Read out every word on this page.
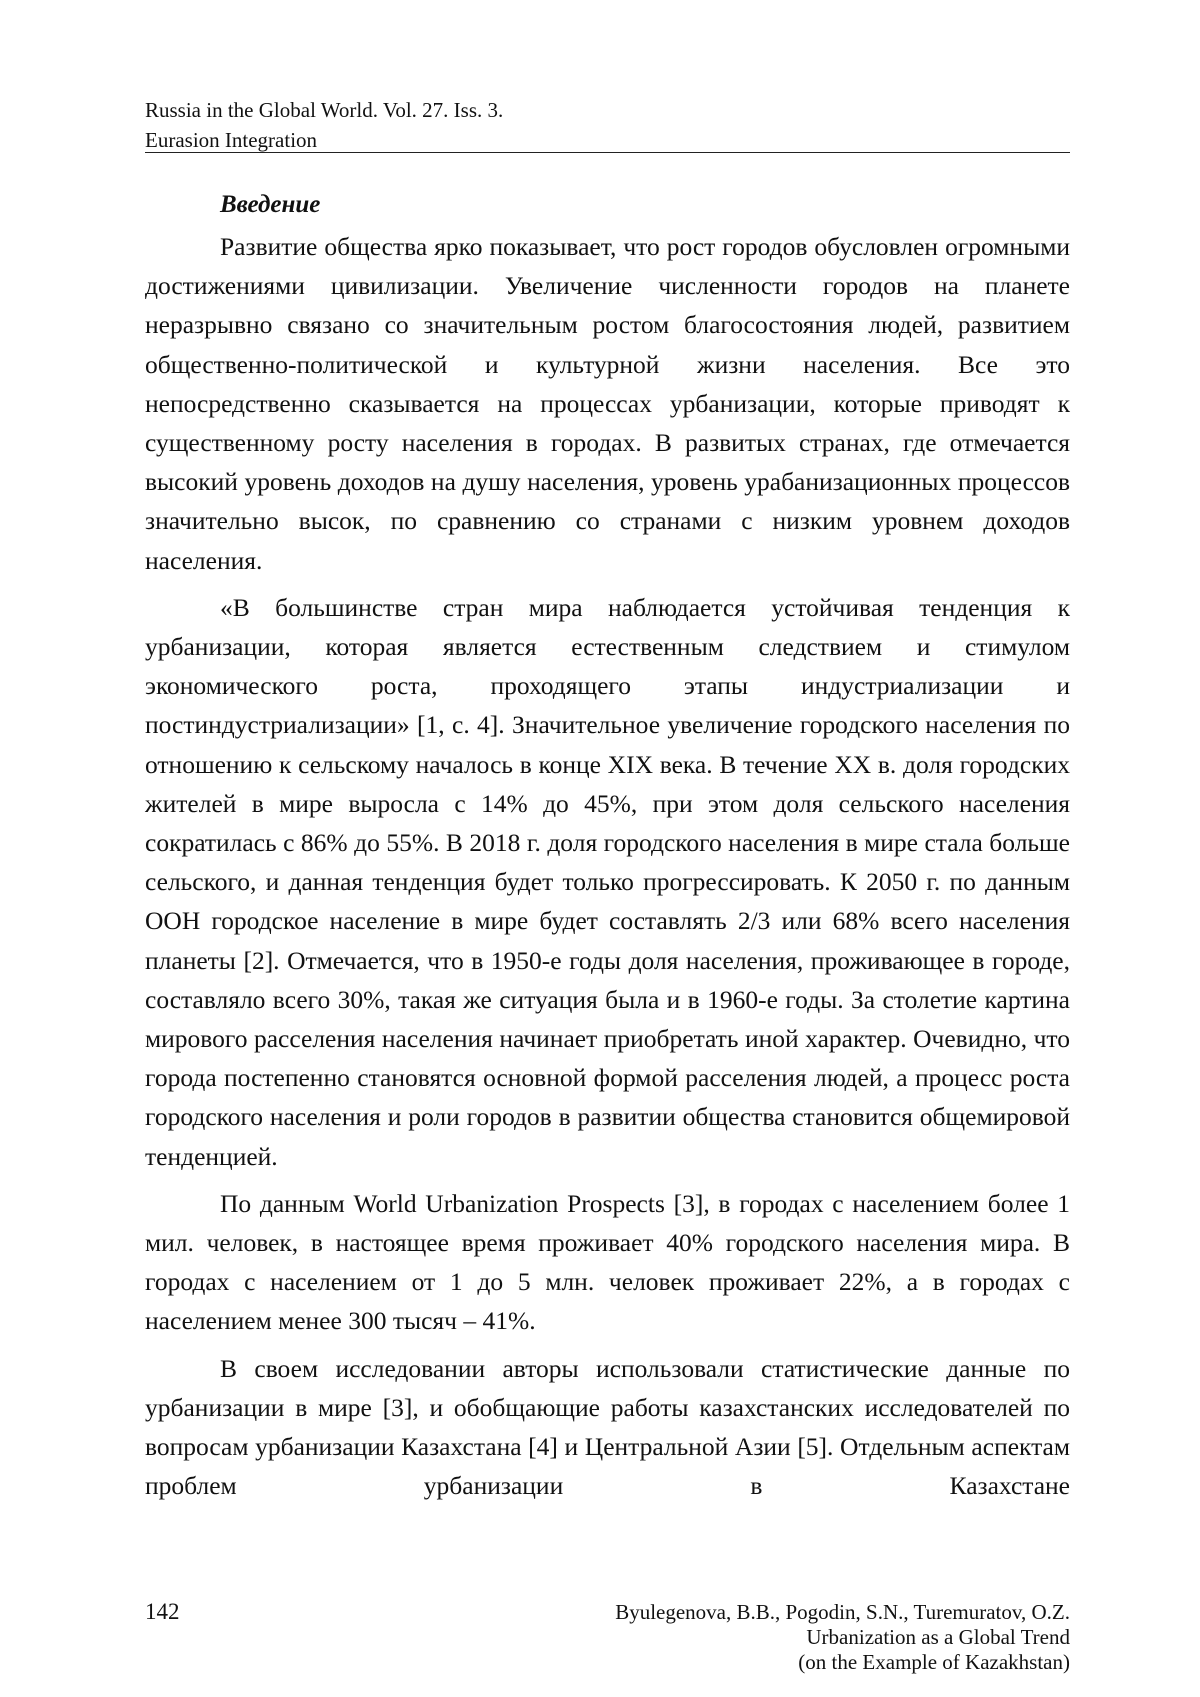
Russia in the Global World. Vol. 27. Iss. 3.
Eurasion Integration
Введение

Развитие общества ярко показывает, что рост городов обусловлен огромными достижениями цивилизации. Увеличение численности городов на планете неразрывно связано со значительным ростом благосостояния людей, развитием общественно-политической и культурной жизни населения. Все это непосредственно сказывается на процессах урбанизации, которые приводят к существенному росту населения в городах. В развитых странах, где отмечается высокий уровень доходов на душу населения, уровень урабанизационных процессов значительно высок, по сравнению со странами с низким уровнем доходов населения.

«В большинстве стран мира наблюдается устойчивая тенденция к урбанизации, которая является естественным следствием и стимулом экономического роста, проходящего этапы индустриализации и постиндустриализации» [1, с. 4]. Значительное увеличение городского населения по отношению к сельскому началось в конце XIX века. В течение XX в. доля городских жителей в мире выросла с 14% до 45%, при этом доля сельского населения сократилась с 86% до 55%. В 2018 г. доля городского населения в мире стала больше сельского, и данная тенденция будет только прогрессировать. К 2050 г. по данным ООН городское население в мире будет составлять 2/3 или 68% всего населения планеты [2]. Отмечается, что в 1950-е годы доля населения, проживающее в городе, составляло всего 30%, такая же ситуация была и в 1960-е годы. За столетие картина мирового расселения населения начинает приобретать иной характер. Очевидно, что города постепенно становятся основной формой расселения людей, а процесс роста городского населения и роли городов в развитии общества становится общемировой тенденцией.

По данным World Urbanization Prospects [3], в городах с населением более 1 мил. человек, в настоящее время проживает 40% городского населения мира. В городах с населением от 1 до 5 млн. человек проживает 22%, а в городах с населением менее 300 тысяч – 41%.

В своем исследовании авторы использовали статистические данные по урбанизации в мире [3], и обобщающие работы казахстанских исследователей по вопросам урбанизации Казахстана [4] и Центральной Азии [5]. Отдельным аспектам проблем урбанизации в Казахстане

142	Byulegenova, B.B., Pogodin, S.N., Turemuratov, O.Z.
Urbanization as a Global Trend
(on the Example of Kazakhstan)
